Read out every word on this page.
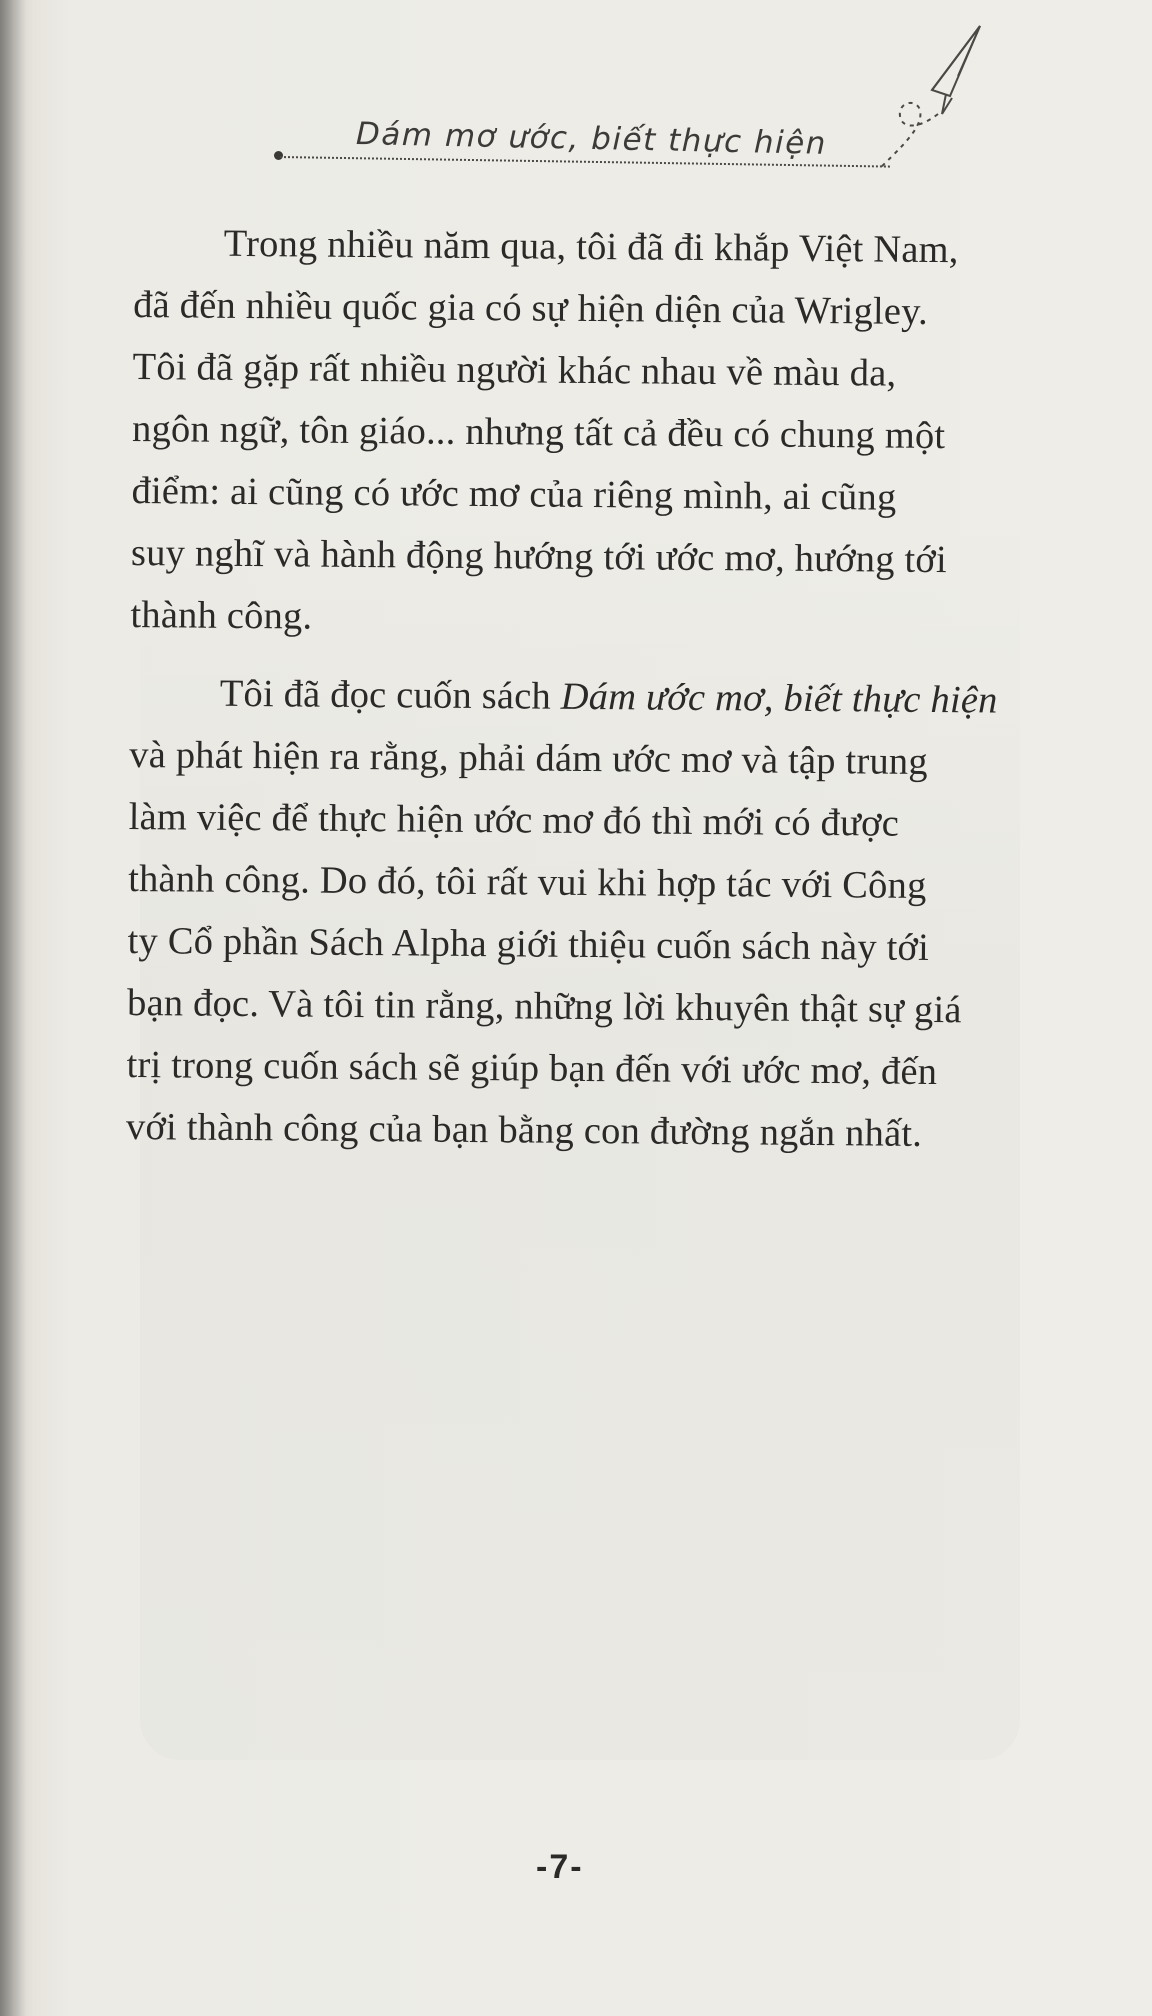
Dám mơ ước, biết thực hiện

Trong nhiều năm qua, tôi đã đi khắp Việt Nam,
đã đến nhiều quốc gia có sự hiện diện của Wrigley.
Tôi đã gặp rất nhiều người khác nhau về màu da,
ngôn ngữ, tôn giáo... nhưng tất cả đều có chung một
điểm: ai cũng có ước mơ của riêng mình, ai cũng
suy nghĩ và hành động hướng tới ước mơ, hướng tới
thành công.

Tôi đã đọc cuốn sách Dám ước mơ, biết thực hiện
và phát hiện ra rằng, phải dám ước mơ và tập trung
làm việc để thực hiện ước mơ đó thì mới có được
thành công. Do đó, tôi rất vui khi hợp tác với Công
ty Cổ phần Sách Alpha giới thiệu cuốn sách này tới
bạn đọc. Và tôi tin rằng, những lời khuyên thật sự giá
trị trong cuốn sách sẽ giúp bạn đến với ước mơ, đến
với thành công của bạn bằng con đường ngắn nhất.

-7-
